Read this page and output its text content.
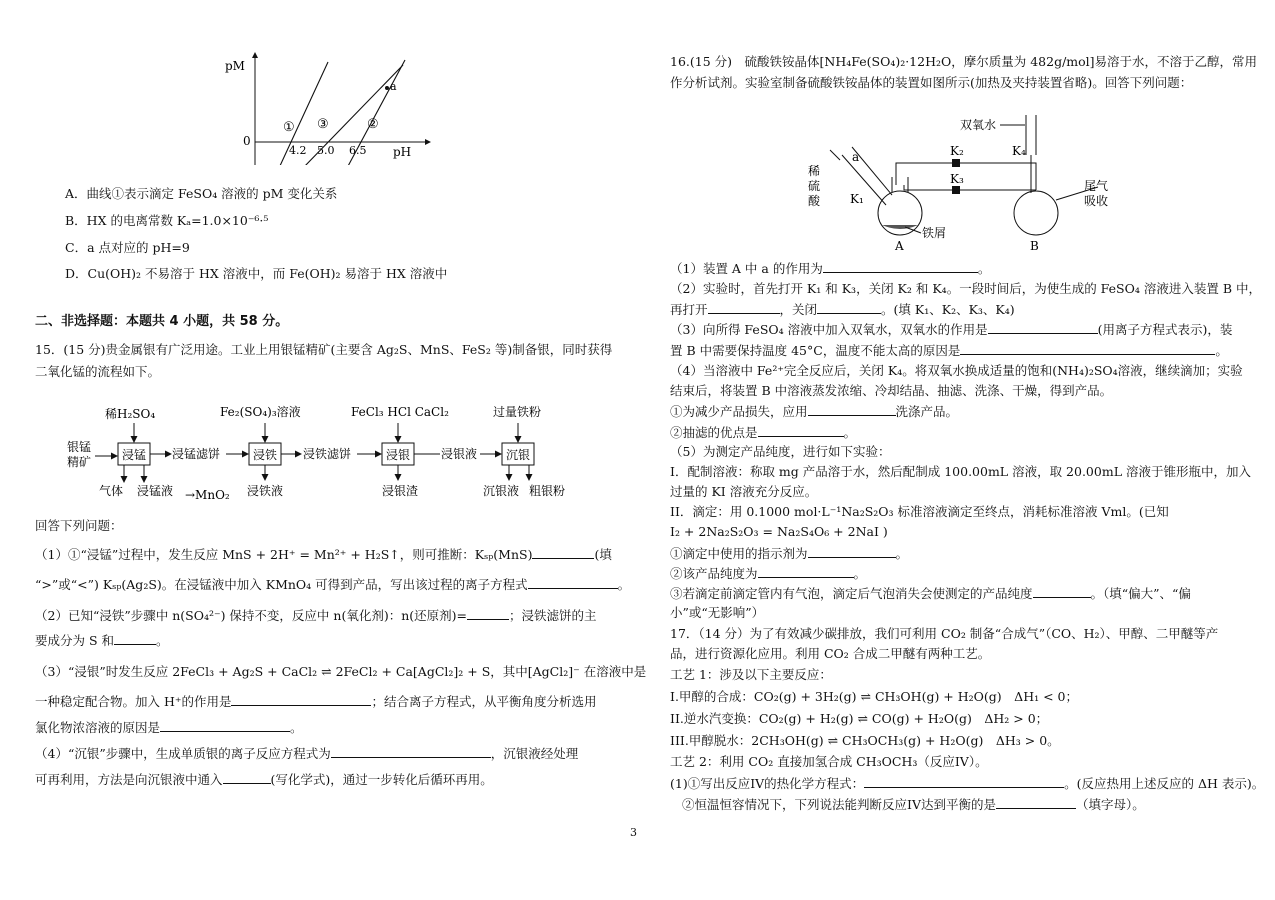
pM
pH
0
4.2 5.0 6.5
① ③	②
a
A．曲线①表示滴定 FeSO₄ 溶液的 pM 变化关系
B．HX 的电离常数 Kₐ=1.0×10⁻⁶·⁵
C．a 点对应的 pH=9
D．Cu(OH)₂ 不易溶于 HX 溶液中，而 Fe(OH)₂ 易溶于 HX 溶液中
二、非选择题：本题共 4 小题，共 58 分。
15．(15 分)贵金属银有广泛用途。工业上用银锰精矿(主要含 Ag₂S、MnS、FeS₂ 等)制备银，同时获得
二氧化锰的流程如下。
银锰
精矿	浸锰
稀H₂SO₄
浸锰滤饼
气体 浸锰液 →MnO₂
浸铁
Fe₂(SO₄)₃溶液
浸铁液
浸铁滤饼	浸银
FeCl₃ HCl CaCl₂
浸银渣
浸银液 沉银
过量铁粉
沉银液 粗银粉
回答下列问题：
（1）①“浸锰”过程中，发生反应 MnS + 2H⁺ = Mn²⁺ + H₂S↑，则可推断：Kₛₚ(MnS)	(填
“>”或“<”) Kₛₚ(Ag₂S)。在浸锰液中加入 KMnO₄ 可得到产品，写出该过程的离子方程式	。
（2）已知“浸铁”步骤中 n(SO₄²⁻) 保持不变，反应中 n(氧化剂)：n(还原剂)=	；浸铁滤饼的主
要成分为 S 和	。
（3）“浸银”时发生反应 2FeCl₃ + Ag₂S + CaCl₂ ⇌ 2FeCl₂ + Ca[AgCl₂]₂ + S，其中[AgCl₂]⁻ 在溶液中是
一种稳定配合物。加入 H⁺的作用是	；结合离子方程式，从平衡角度分析选用
氯化物浓溶液的原因是	。
（4）“沉银”步骤中，生成单质银的离子反应方程式为	，沉银液经处理
可再利用，方法是向沉银液中通入	(写化学式)，通过一步转化后循环再用。
16.(15 分)　硫酸铁铵晶体[NH₄Fe(SO₄)₂·12H₂O，摩尔质量为 482g/mol]易溶于水，不溶于乙醇，常用
作分析试剂。实验室制备硫酸铁铵晶体的装置如图所示(加热及夹持装置省略)。回答下列问题：
A
铁屑
a
K₁
稀
硫
酸
K₂
K₃
B
双氧水
K₄
尾气
吸收
（1）装置 A 中 a 的作用为	。
（2）实验时，首先打开 K₁ 和 K₃，关闭 K₂ 和 K₄。一段时间后，为使生成的 FeSO₄ 溶液进入装置 B 中，
再打开	，关闭	。(填 K₁、K₂、K₃、K₄)
（3）向所得 FeSO₄ 溶液中加入双氧水，双氧水的作用是	(用离子方程式表示)，装
置 B 中需要保持温度 45°C，温度不能太高的原因是	。
（4）当溶液中 Fe²⁺完全反应后，关闭 K₄。将双氧水换成适量的饱和(NH₄)₂SO₄溶液，继续滴加；实验
结束后，将装置 B 中溶液蒸发浓缩、冷却结晶、抽滤、洗涤、干燥，得到产品。
①为减少产品损失，应用	洗涤产品。
②抽滤的优点是	。
（5）为测定产品纯度，进行如下实验：
I．配制溶液：称取 mg 产品溶于水，然后配制成 100.00mL 溶液，取 20.00mL 溶液于锥形瓶中，加入
过量的 KI 溶液充分反应。
II．滴定：用 0.1000 mol·L⁻¹Na₂S₂O₃ 标准溶液滴定至终点，消耗标准溶液 Vml。(已知
I₂ + 2Na₂S₂O₃ = Na₂S₄O₆ + 2NaI )
①滴定中使用的指示剂为	。
②该产品纯度为	。
③若滴定前滴定管内有气泡，滴定后气泡消失会使测定的产品纯度	。（填“偏大”、“偏
小”或“无影响”）
17．（14 分）为了有效减少碳排放，我们可利用 CO₂ 制备“合成气”（CO、H₂）、甲醇、二甲醚等产
品，进行资源化应用。利用 CO₂ 合成二甲醚有两种工艺。
工艺 1：涉及以下主要反应：
I.甲醇的合成：CO₂(g) + 3H₂(g) ⇌ CH₃OH(g) + H₂O(g)　ΔH₁ < 0；
II.逆水汽变换：CO₂(g) + H₂(g) ⇌ CO(g) + H₂O(g)　ΔH₂ > 0；
III.甲醇脱水：2CH₃OH(g) ⇌ CH₃OCH₃(g) + H₂O(g)　ΔH₃ > 0。
工艺 2：利用 CO₂ 直接加氢合成 CH₃OCH₃（反应IV）。
(1)①写出反应IV的热化学方程式：	。(反应热用上述反应的 ΔH 表示)。
②恒温恒容情况下，下列说法能判断反应IV达到平衡的是	（填字母）。
3
